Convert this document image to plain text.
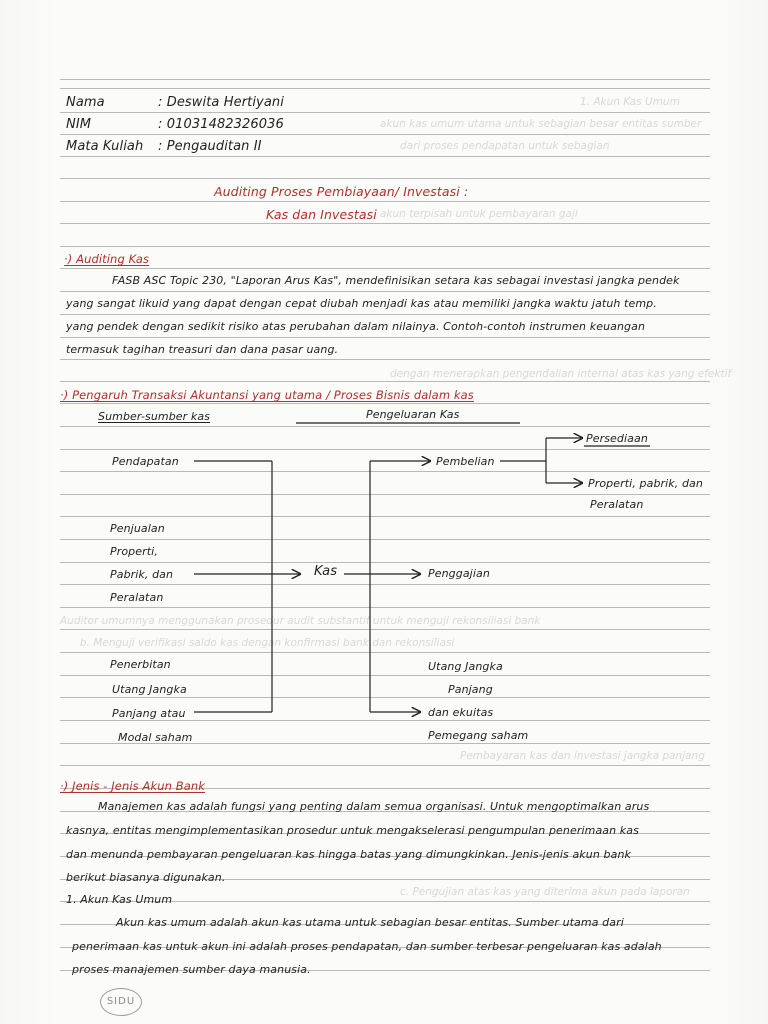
1. Akun Kas Umum
akun kas umum utama untuk sebagian besar entitas sumber
dari proses pendapatan untuk sebagian
akun terpisah untuk pembayaran gaji
dengan menerapkan pengendalian internal atas kas yang efektif
Auditor umumnya menggunakan prosedur audit substantif untuk menguji rekonsiliasi bank
b. Menguji verifikasi saldo kas dengan konfirmasi bank dan rekonsiliasi
Pembayaran kas dan investasi jangka panjang
c. Pengujian atas kas yang diterima akun pada laporan
Nama	: Deswita Hertiyani
NIM	: 01031482326036
Mata Kuliah : Pengauditan II
Auditing Proses Pembiayaan/ Investasi :
Kas dan Investasi
·) Auditing Kas
FASB ASC Topic 230, "Laporan Arus Kas", mendefinisikan setara kas sebagai investasi jangka pendek
yang sangat likuid yang dapat dengan cepat diubah menjadi kas atau memiliki jangka waktu jatuh temp.
yang pendek dengan sedikit risiko atas perubahan dalam nilainya. Contoh-contoh instrumen keuangan
termasuk tagihan treasuri dan dana pasar uang.
·) Pengaruh Transaksi Akuntansi yang utama / Proses Bisnis dalam kas
Sumber-sumber kas	Pengeluaran Kas
Pendapatan
Penjualan
Properti,
Pabrik, dan
Peralatan
Penerbitan
Utang Jangka
Panjang atau
Modal saham
Kas
Pembelian
Penggajian
Utang Jangka
Panjang
dan ekuitas
Pemegang saham
Persediaan
Properti, pabrik, dan
Peralatan
·) Jenis - Jenis Akun Bank
Manajemen kas adalah fungsi yang penting dalam semua organisasi. Untuk mengoptimalkan arus
kasnya, entitas mengimplementasikan prosedur untuk mengakselerasi pengumpulan penerimaan kas
dan menunda pembayaran pengeluaran kas hingga batas yang dimungkinkan. Jenis-jenis akun bank
berikut biasanya digunakan.
1. Akun Kas Umum
Akun kas umum adalah akun kas utama untuk sebagian besar entitas. Sumber utama dari
penerimaan kas untuk akun ini adalah proses pendapatan, dan sumber terbesar pengeluaran kas adalah
proses manajemen sumber daya manusia.
SIDU
